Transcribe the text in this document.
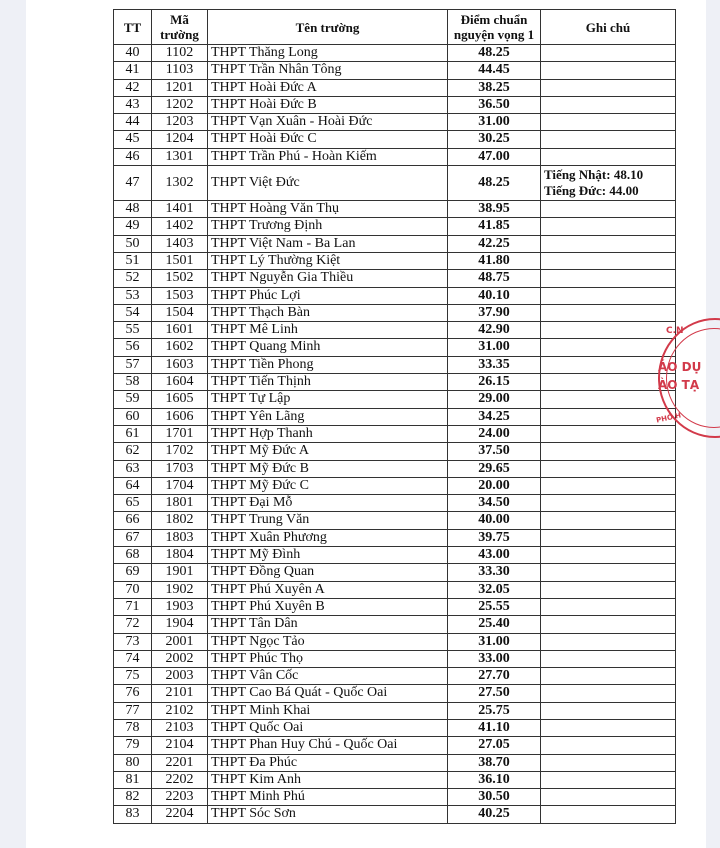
TT	Mã trường	Tên trường	Điểm chuẩn nguyện vọng 1	Ghi chú
40	1102	THPT Thăng Long	48.25	
41	1103	THPT Trần Nhân Tông	44.45	
42	1201	THPT Hoài Đức A	38.25	
43	1202	THPT Hoài Đức B	36.50	
44	1203	THPT Vạn Xuân - Hoài Đức	31.00	
45	1204	THPT Hoài Đức C	30.25	
46	1301	THPT Trần Phú - Hoàn Kiếm	47.00	
47	1302	THPT Việt Đức	48.25	Tiếng Nhật: 48.10
Tiếng Đức: 44.00

48	1401	THPT Hoàng Văn Thụ	38.95	
49	1402	THPT Trương Định	41.85	
50	1403	THPT Việt Nam - Ba Lan	42.25	
51	1501	THPT Lý Thường Kiệt	41.80	
52	1502	THPT Nguyễn Gia Thiều	48.75	
53	1503	THPT Phúc Lợi	40.10	
54	1504	THPT Thạch Bàn	37.90	
55	1601	THPT Mê Linh	42.90	
56	1602	THPT Quang Minh	31.00	
57	1603	THPT Tiền Phong	33.35	
58	1604	THPT Tiến Thịnh	26.15	
59	1605	THPT Tự Lập	29.00	
60	1606	THPT Yên Lãng	34.25	
61	1701	THPT Hợp Thanh	24.00	
62	1702	THPT Mỹ Đức A	37.50	
63	1703	THPT Mỹ Đức B	29.65	
64	1704	THPT Mỹ Đức C	20.00	
65	1801	THPT Đại Mỗ	34.50	
66	1802	THPT Trung Văn	40.00	
67	1803	THPT Xuân Phương	39.75	
68	1804	THPT Mỹ Đình	43.00	
69	1901	THPT Đồng Quan	33.30	
70	1902	THPT Phú Xuyên A	32.05	
71	1903	THPT Phú Xuyên B	25.55	
72	1904	THPT Tân Dân	25.40	
73	2001	THPT Ngọc Tảo	31.00	
74	2002	THPT Phúc Thọ	33.00	
75	2003	THPT Vân Cốc	27.70	
76	2101	THPT Cao Bá Quát - Quốc Oai	27.50	
77	2102	THPT Minh Khai	25.75	
78	2103	THPT Quốc Oai	41.10	
79	2104	THPT Phan Huy Chú - Quốc Oai	27.05	
80	2201	THPT Đa Phúc	38.70	
81	2202	THPT Kim Anh	36.10	
82	2203	THPT Minh Phú	30.50	
83	2204	THPT Sóc Sơn	40.25	
C.N
ÁO DỤ
ÀO TẠ
PHÓ H
